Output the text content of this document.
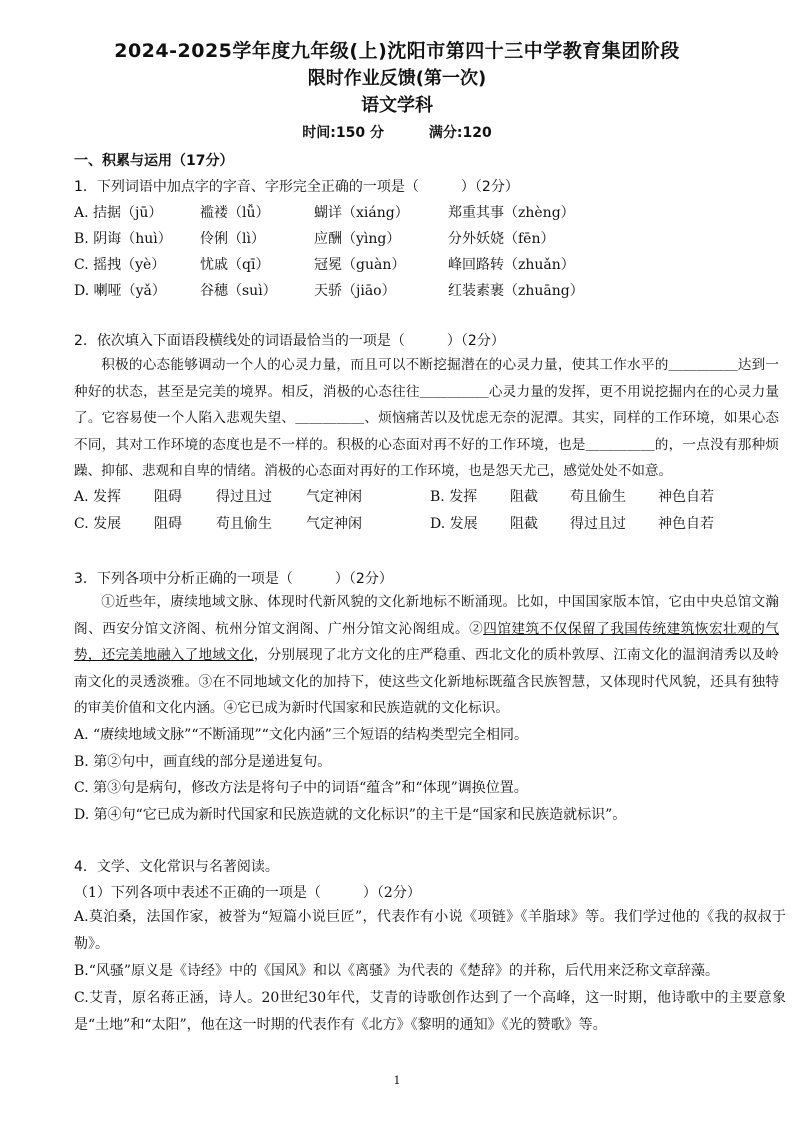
2024-2025学年度九年级(上)沈阳市第四十三中学教育集团阶段
限时作业反馈(第一次)
语文学科
时间:150 分	满分:120
一、积累与运用（17分）
1．下列词语中加点字的字音、字形完全正确的一项是（　　　）（2分）
A. 拮据（jū）	褴褛（lǚ）	蝴详（xiáng）	郑重其事（zhèng）
B. 阴诲（huì） 伶俐（lì）	应酬（yìng）	分外妖娆（fēn）
C. 摇拽（yè） 忧戚（qī）	冠冕（guàn）	峰回路转（zhuǎn）
D. 喇哑（yǎ） 谷穗（suì）	天骄（jiāo）	红装素裹（zhuāng）
2．依次填入下面语段横线处的词语最恰当的一项是（　　　）（2分）

积极的心态能够调动一个人的心灵力量，而且可以不断挖掘潜在的心灵力量，使其工作水平的＿＿＿＿＿达到一种好的状态，甚至是完美的境界。相反，消极的心态往往＿＿＿＿＿心灵力量的发挥，更不用说挖掘内在的心灵力量了。它容易使一个人陷入悲观失望、＿＿＿＿＿、烦恼痛苦以及忧虑无奈的泥潭。其实，同样的工作环境，如果心态不同，其对工作环境的态度也是不一样的。积极的心态面对再不好的工作环境，也是＿＿＿＿＿的，一点没有那种烦躁、抑郁、悲观和自卑的情绪。消极的心态面对再好的工作环境，也是怨天尤己，感觉处处不如意。

A. 发挥 阻碍 得过且过 气定神闲	B. 发挥 阻截 苟且偷生 神色自若
C. 发展 阻碍 苟且偷生 气定神闲	D. 发展 阻截 得过且过 神色自若
3．下列各项中分析正确的一项是（　　　）（2分）

①近些年，赓续地域文脉、体现时代新风貌的文化新地标不断涌现。比如，中国国家版本馆，它由中央总馆文瀚阁、西安分馆文济阁、杭州分馆文润阁、广州分馆文沁阁组成。②四馆建筑不仅保留了我国传统建筑恢宏壮观的气势，还完美地融入了地域文化，分别展现了北方文化的庄严稳重、西北文化的质朴敦厚、江南文化的温润清秀以及岭南文化的灵透淡雅。③在不同地域文化的加持下，使这些文化新地标既蕴含民族智慧，又体现时代风貌，还具有独特的审美价值和文化内涵。④它已成为新时代国家和民族造就的文化标识。

A. “赓续地域文脉”“不断涌现”“文化内涵”三个短语的结构类型完全相同。
B. 第②句中，画直线的部分是递进复句。
C. 第③句是病句，修改方法是将句子中的词语“蕴含”和“体现”调换位置。
D. 第④句“它已成为新时代国家和民族造就的文化标识”的主干是“国家和民族造就标识”。
4．文学、文化常识与名著阅读。
（1）下列各项中表述不正确的一项是（　　　）（2分）
A.莫泊桑，法国作家，被誉为“短篇小说巨匠”，代表作有小说《项链》《羊脂球》等。我们学过他的《我的叔叔于勒》。
B.“风骚”原义是《诗经》中的《国风》和以《离骚》为代表的《楚辞》的并称，后代用来泛称文章辞藻。
C.艾青，原名蒋正涵，诗人。20世纪30年代，艾青的诗歌创作达到了一个高峰，这一时期，他诗歌中的主要意象是“土地”和“太阳”，他在这一时期的代表作有《北方》《黎明的通知》《光的赞歌》等。
1
